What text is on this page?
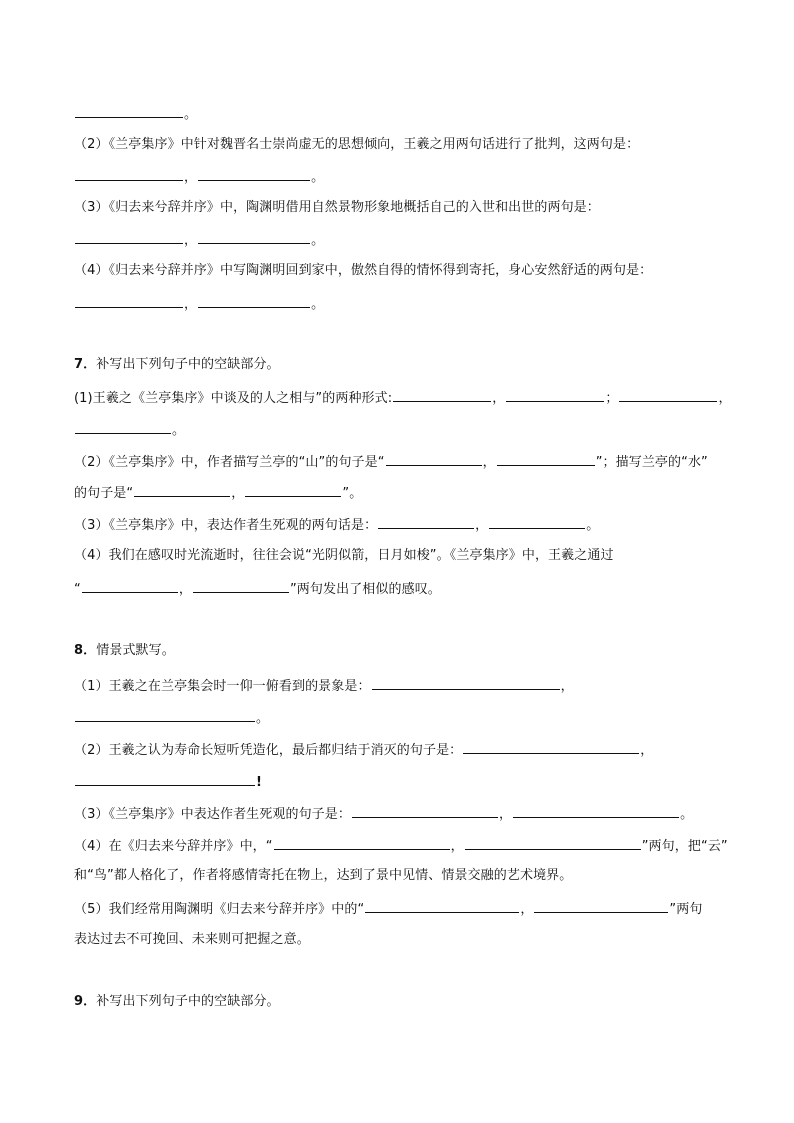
。
（2）《兰亭集序》中针对魏晋名士崇尚虚无的思想倾向，王羲之用两句话进行了批判，这两句是：
，	。
（3）《归去来兮辞并序》中，陶渊明借用自然景物形象地概括自己的入世和出世的两句是：
，	。
（4）《归去来兮辞并序》中写陶渊明回到家中，傲然自得的情怀得到寄托，身心安然舒适的两句是：
，	。
7．补写出下列句子中的空缺部分。
(1)王羲之《兰亭集序》中谈及的人之相与”的两种形式:	，	；	，
。
（2）《兰亭集序》中，作者描写兰亭的“山”的句子是“	，	”；描写兰亭的“水”
的句子是“	，	”。
（3）《兰亭集序》中，表达作者生死观的两句话是：	，	。
（4）我们在感叹时光流逝时，往往会说“光阴似箭，日月如梭”。《兰亭集序》中，王羲之通过
“	，	”两句发出了相似的感叹。
8．情景式默写。
（1）王羲之在兰亭集会时一仰一俯看到的景象是：	，
。
（2）王羲之认为寿命长短听凭造化，最后都归结于消灭的句子是：	，
!
（3）《兰亭集序》中表达作者生死观的句子是：	，	。
（4）在《归去来兮辞并序》中，“	，	”两句，把“云”
和“鸟”都人格化了，作者将感情寄托在物上，达到了景中见情、情景交融的艺术境界。
（5）我们经常用陶渊明《归去来兮辞并序》中的“	，	”两句
表达过去不可挽回、未来则可把握之意。
9．补写出下列句子中的空缺部分。
